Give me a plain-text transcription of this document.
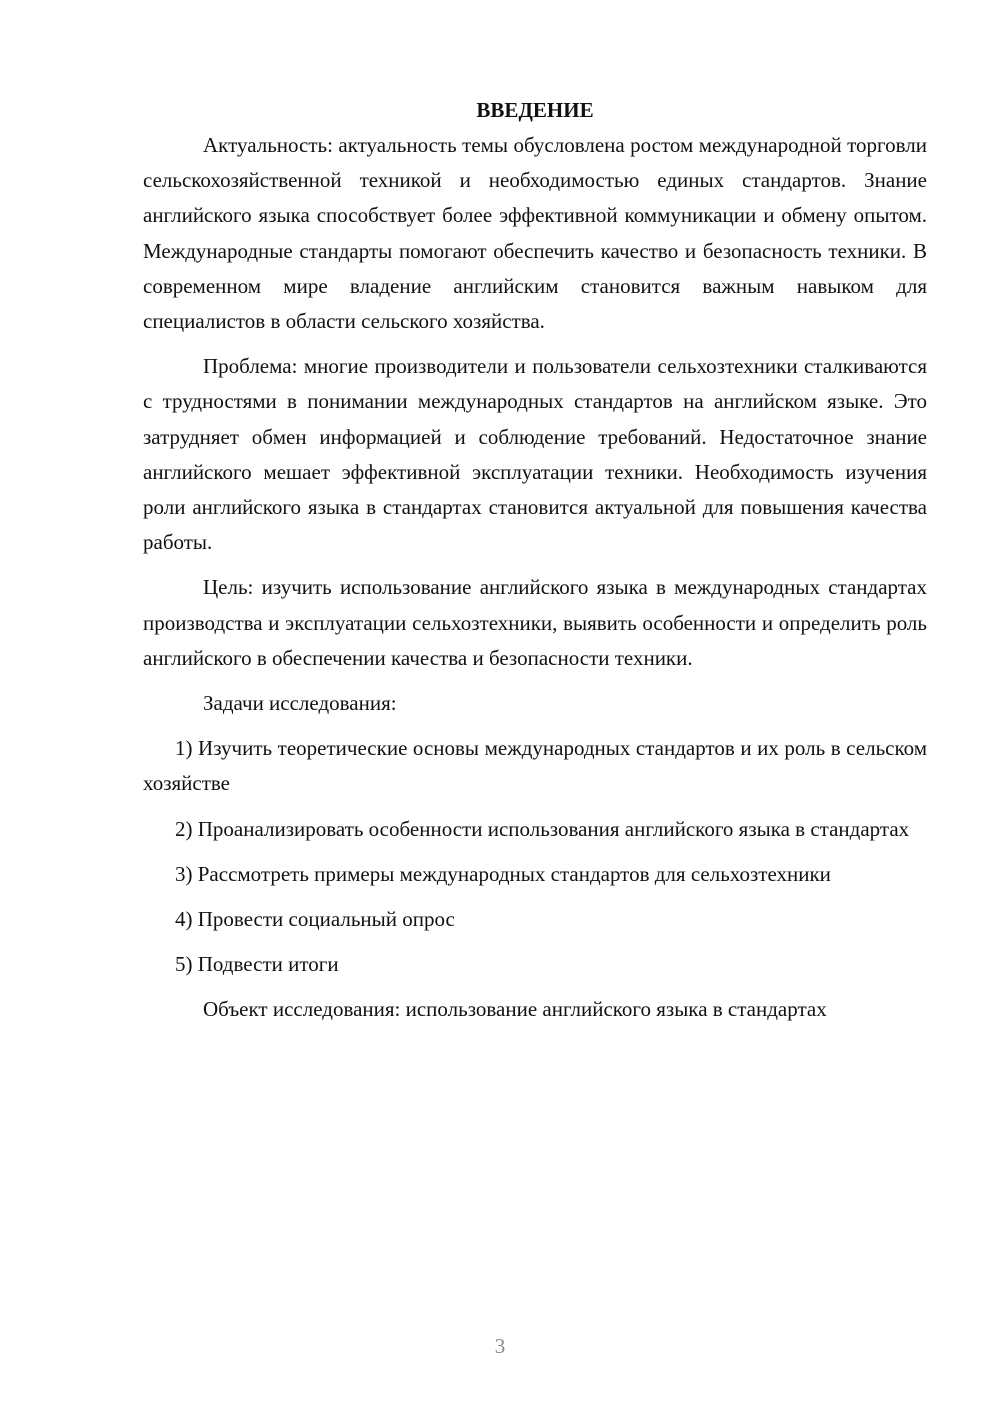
ВВЕДЕНИЕ

Актуальность: актуальность темы обусловлена ростом международной торговли сельскохозяйственной техникой и необходимостью единых стандартов. Знание английского языка способствует более эффективной коммуникации и обмену опытом. Международные стандарты помогают обеспечить качество и безопасность техники. В современном мире владение английским становится важным навыком для специалистов в области сельского хозяйства.

Проблема: многие производители и пользователи сельхозтехники сталкиваются с трудностями в понимании международных стандартов на английском языке. Это затрудняет обмен информацией и соблюдение требований. Недостаточное знание английского мешает эффективной эксплуатации техники. Необходимость изучения роли английского языка в стандартах становится актуальной для повышения качества работы.

Цель: изучить использование английского языка в международных стандартах производства и эксплуатации сельхозтехники, выявить особенности и определить роль английского в обеспечении качества и безопасности техники.

Задачи исследования:

1) Изучить теоретические основы международных стандартов и их роль в сельском хозяйстве

2) Проанализировать особенности использования английского языка в стандартах

3) Рассмотреть примеры международных стандартов для сельхозтехники

4) Провести социальный опрос

5) Подвести итоги

Объект исследования: использование английского языка в стандартах

3
